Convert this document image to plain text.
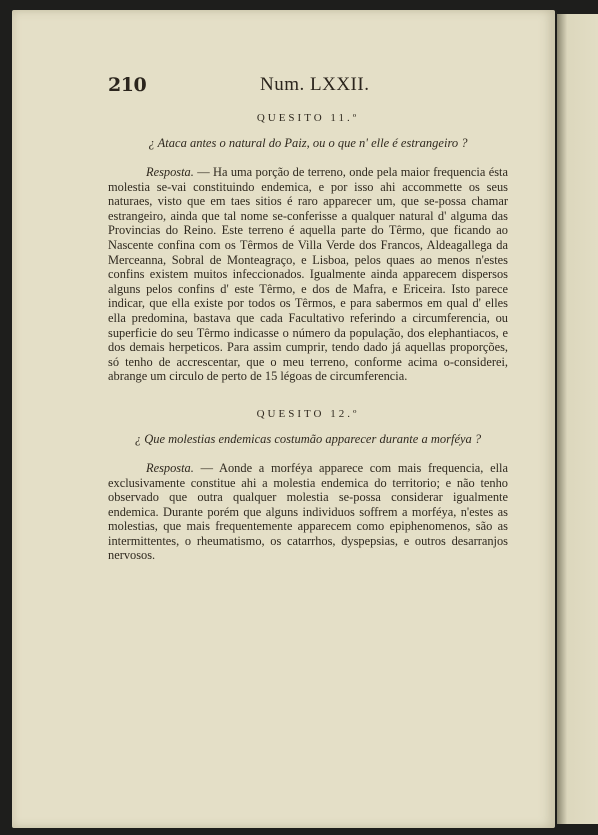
210	Num. LXXII.

QUESITO 11.º

¿ Ataca antes o natural do Paiz, ou o que n' elle é estrangeiro ?

Resposta. — Ha uma porção de terreno, onde pela maior frequencia ésta molestia se-vai constituindo endemica, e por isso ahi accommette os seus naturaes, visto que em taes sitios é raro apparecer um, que se-possa chamar estrangeiro, ainda que tal nome se-conferisse a qualquer natural d' alguma das Provincias do Reino. Este terreno é aquella parte do Têrmo, que ficando ao Nascente confina com os Têrmos de Villa Verde dos Francos, Aldeagallega da Merceanna, Sobral de Monteagraço, e Lisboa, pelos quaes ao menos n'estes confins existem muitos infeccionados. Igualmente ainda apparecem dispersos alguns pelos confins d' este Têrmo, e dos de Mafra, e Ericeira. Isto parece indicar, que ella existe por todos os Têrmos, e para sabermos em qual d' elles ella predomina, bastava que cada Facultativo referindo a circumferencia, ou superficie do seu Têrmo indicasse o número da população, dos elephantiacos, e dos demais herpeticos. Para assim cumprir, tendo dado já aquellas proporções, só tenho de accrescentar, que o meu terreno, conforme acima o-considerei, abrange um circulo de perto de 15 légoas de circumferencia.

QUESITO 12.º

¿ Que molestias endemicas costumão apparecer durante a morféya ?

Resposta. — Aonde a morféya apparece com mais frequencia, ella exclusivamente constitue ahi a molestia endemica do territorio; e não tenho observado que outra qualquer molestia se-possa considerar igualmente endemica. Durante porém que alguns individuos soffrem a morféya, n'estes as molestias, que mais frequentemente apparecem como epiphenomenos, são as intermittentes, o rheumatismo, os catarrhos, dyspepsias, e outros desarranjos nervosos.
